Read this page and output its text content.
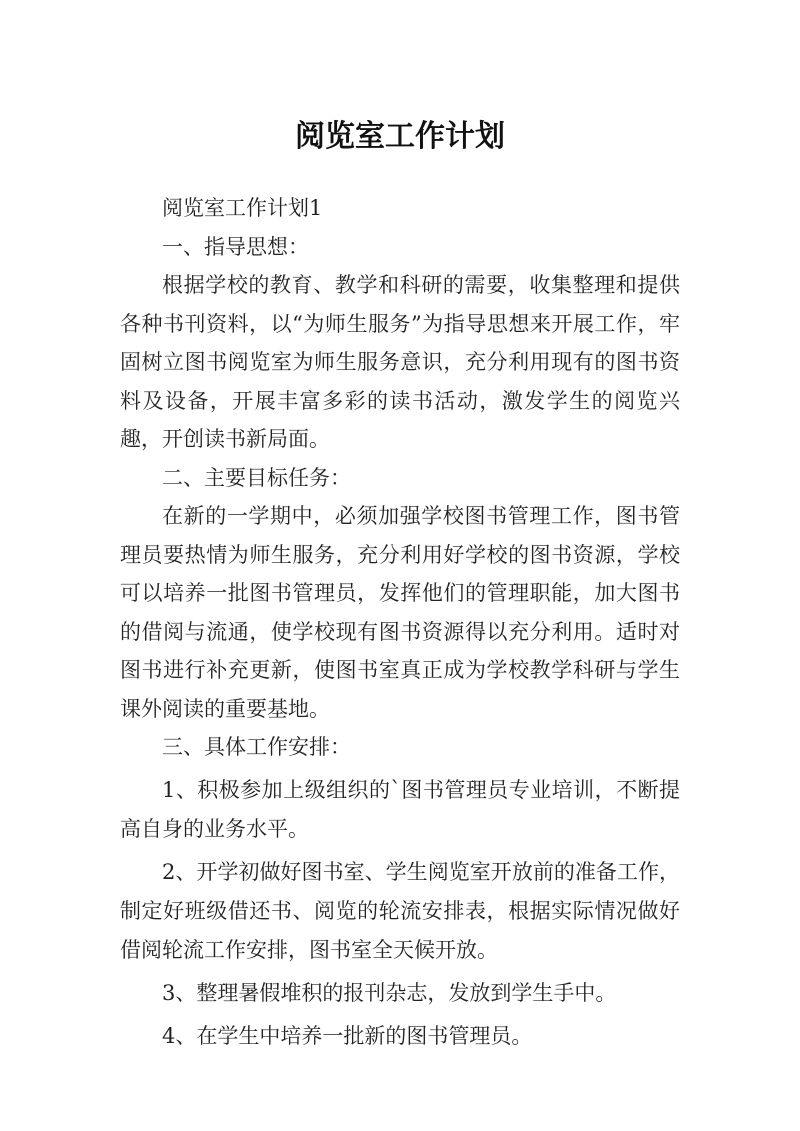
阅览室工作计划

阅览室工作计划1

一、指导思想：

根据学校的教育、教学和科研的需要，收集整理和提供各种书刊资料，以“为师生服务”为指导思想来开展工作，牢固树立图书阅览室为师生服务意识，充分利用现有的图书资料及设备，开展丰富多彩的读书活动，激发学生的阅览兴趣，开创读书新局面。

二、主要目标任务：

在新的一学期中，必须加强学校图书管理工作，图书管理员要热情为师生服务，充分利用好学校的图书资源，学校可以培养一批图书管理员，发挥他们的管理职能，加大图书的借阅与流通，使学校现有图书资源得以充分利用。适时对图书进行补充更新，使图书室真正成为学校教学科研与学生课外阅读的重要基地。

三、具体工作安排：

1、积极参加上级组织的`图书管理员专业培训，不断提高自身的业务水平。

2、开学初做好图书室、学生阅览室开放前的准备工作，制定好班级借还书、阅览的轮流安排表，根据实际情况做好借阅轮流工作安排，图书室全天候开放。

3、整理暑假堆积的报刊杂志，发放到学生手中。

4、在学生中培养一批新的图书管理员。
